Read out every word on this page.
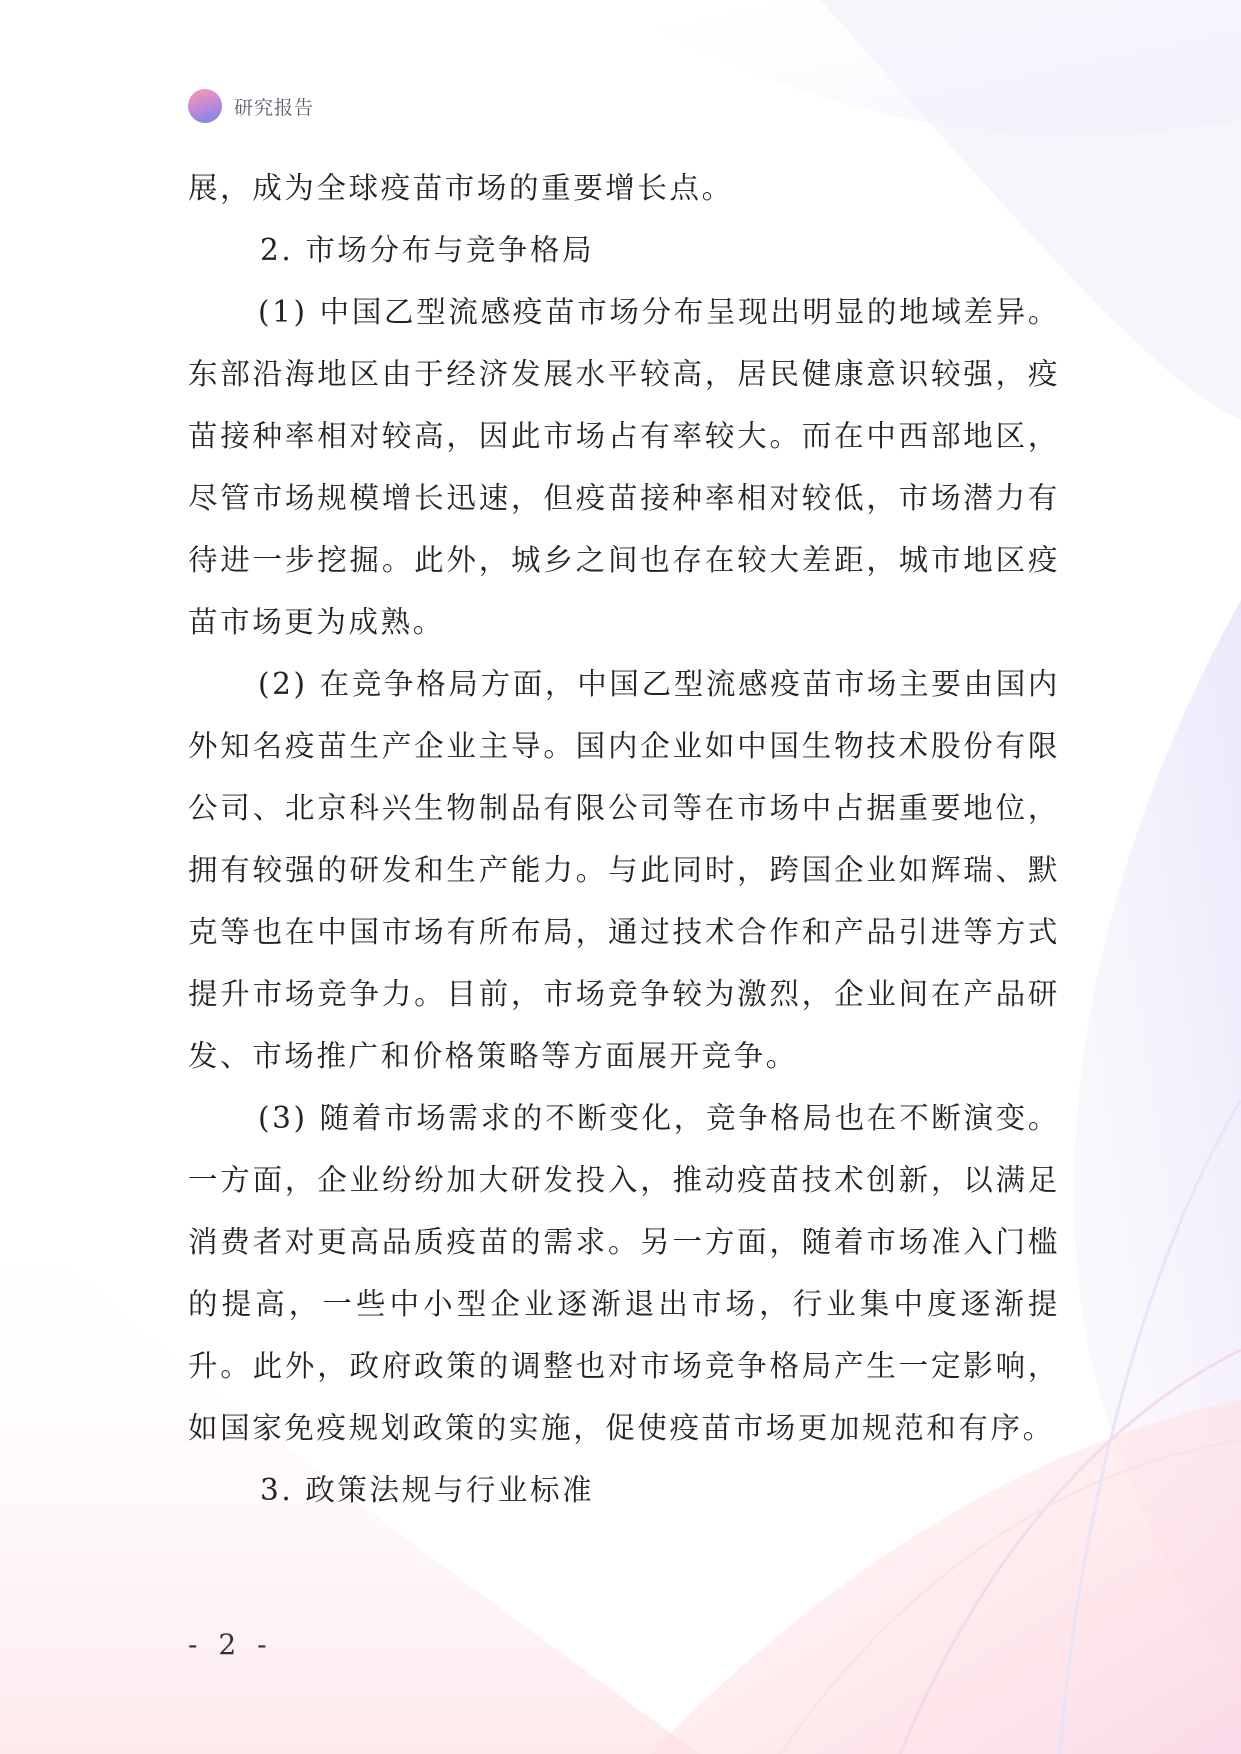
研究报告

展，成为全球疫苗市场的重要增长点。

2. 市场分布与竞争格局

(1) 中国乙型流感疫苗市场分布呈现出明显的地域差异。东部沿海地区由于经济发展水平较高，居民健康意识较强，疫苗接种率相对较高，因此市场占有率较大。而在中西部地区，尽管市场规模增长迅速，但疫苗接种率相对较低，市场潜力有待进一步挖掘。此外，城乡之间也存在较大差距，城市地区疫苗市场更为成熟。

(2) 在竞争格局方面，中国乙型流感疫苗市场主要由国内外知名疫苗生产企业主导。国内企业如中国生物技术股份有限公司、北京科兴生物制品有限公司等在市场中占据重要地位，拥有较强的研发和生产能力。与此同时，跨国企业如辉瑞、默克等也在中国市场有所布局，通过技术合作和产品引进等方式提升市场竞争力。目前，市场竞争较为激烈，企业间在产品研发、市场推广和价格策略等方面展开竞争。

(3) 随着市场需求的不断变化，竞争格局也在不断演变。一方面，企业纷纷加大研发投入，推动疫苗技术创新，以满足消费者对更高品质疫苗的需求。另一方面，随着市场准入门槛的提高，一些中小型企业逐渐退出市场，行业集中度逐渐提升。此外，政府政策的调整也对市场竞争格局产生一定影响，如国家免疫规划政策的实施，促使疫苗市场更加规范和有序。

3. 政策法规与行业标准

- 2 -
